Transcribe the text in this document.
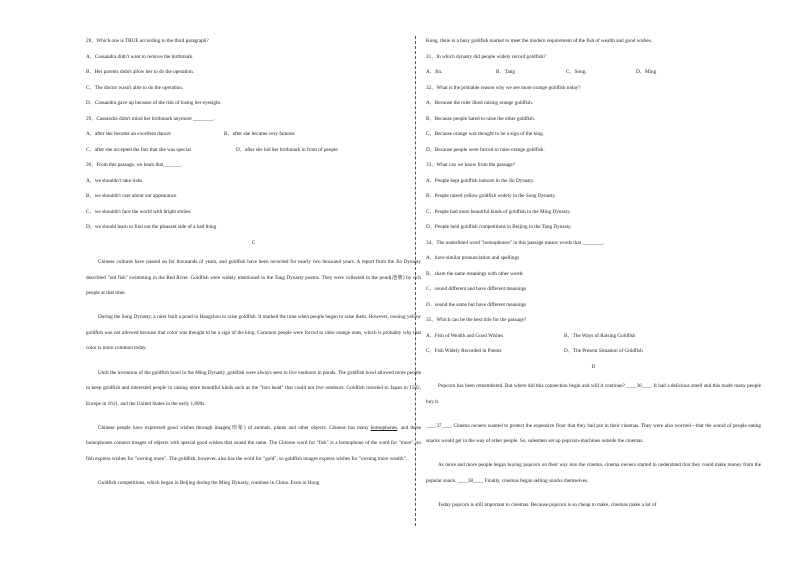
28、Which one is TRUE according to the third paragraph?
A、Cassandra didn't want to remove the birthmark.
B、Her parents didn't allow her to do the operation.
C、The doctor wasn't able to do the operation.
D、Cassandra gave up because of the risk of losing her eyesight.
29、Cassandra didn't mind her birthmark anymore ________.
A、after she became an excellent dancer	B、after she became very famous
C、after she accepted the fact that she was special	D、after she hid her birthmark in front of people
30、From this passage, we learn that_______.
A、we shouldn't take risks
B、we shouldn't care about our appearance
C、we shouldn't face the world with bright smiles
D、we should learn to find out the pleasant side of a bad thing
C
Chinese cultures have passed on for thousands of years, and goldfish have been recorded for nearly two thousand years. A report from the Jin Dynasty described "red fish" swimming in the Red River. Goldfish were widely mentioned in the Tang Dynasty poems. They were collected in the pond(池塘) by rich people at that time.
During the Song Dynasty, a ruler built a pond in Hangzhou to raise goldfish. It marked the time when people began to raise them. However, owning yellow goldfish was not allowed because that color was thought to be a sign of the king. Common people were forced to raise orange ones, which is probably why that color is more common today.
Until the invention of the goldfish bowl in the Ming Dynasty, goldfish were always seen to live outdoors in ponds. The goldfish bowl allowed more people to keep goldfish and interested people in raising more beautiful kinds such as the "lion head" that could not live outdoors. Goldfish traveled to Japan in 1502, Europe in 1611, and the United States in the early 1,800s.
Chinese people have expressed good wishes through images(形象) of animals, plants and other objects. Chinese has many homophones, and these homophones connect images of objects with special good wishes that sound the same. The Chinese word for "fish" is a homophone of the word for "more", so fish express wishes for "owning more". The goldfish, however, also has the word for "gold", so goldfish images express wishes for "owning more wealth".
Goldfish competitions, which began in Beijing during the Ming Dynasty, continue in China. Even in Hong
Kong, there is a busy goldfish market to meet the modern requirement of the fish of wealth and good wishes.
31、In which dynasty did people widely record goldfish?
A、Jin.	B、Tang	C、Song.	D、Ming
32、What is the probable reason why we see more orange goldfish today?
A、Because the ruler liked raising orange goldfish.
B、Because people hated to raise the other goldfish.
C、Because orange was thought to be a sign of the king.
D、Because people were forced to raise orange goldfish.
33、What can we know from the passage?
A、People kept goldfish indoors in the Jin Dynasty.
B、People raised yellow goldfish widely in the Song Dynasty.
C、People had more beautiful kinds of goldfish in the Ming Dynasty.
D、People held goldfish competitions in Beijing in the Tang Dynasty.
34、The underlined word "homophones" in this passage means words that ________.
A、have similar pronunciation and spellings
B、share the same meanings with other words
C、sound different and have different meanings
D、sound the same but have different meanings
35、Which can be the best title for the passage?
A、Fish of Wealth and Good Wishes	B、The Ways of Raising Goldfish
C、Fish Widely Recorded in Poems	D、The Present Situation of Goldfish
D
Popcorn has been remembered. But where did this connection begin and will it continue? ____36____ It had a delicious smell and this made many people buy it.
____37____ Cinema owners wanted to protect the expensive floor that they had put in their cinemas. They were also worried—that the sound of people eating snacks would get in the way of other people. So, salesmen set up popcorn-machines outside the cinemas.
As more and more people began buying popcorn on their way into the cinema, cinema owners started to understand that they could make money from the popular snack. ____38____ Finally, cinemas began selling snacks themselves.
Today popcorn is still important to cinemas. Because popcorn is so cheap to make, cinemas make a lot of
